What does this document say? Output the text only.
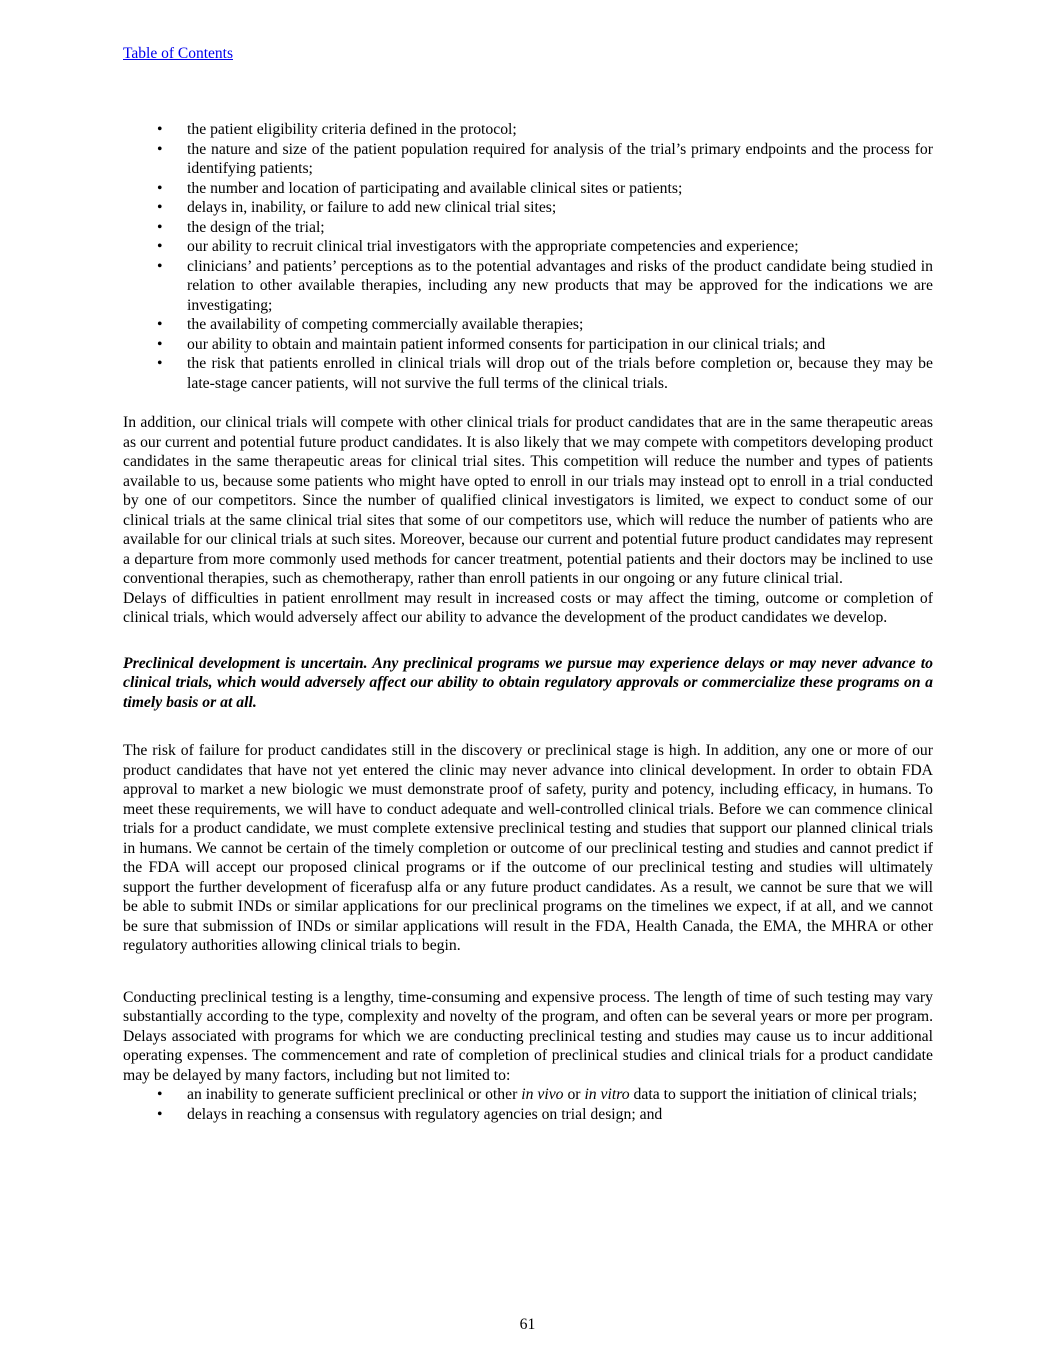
Table of Contents
• the patient eligibility criteria defined in the protocol;
• the nature and size of the patient population required for analysis of the trial’s primary endpoints and the process for identifying patients;
• the number and location of participating and available clinical sites or patients;
• delays in, inability, or failure to add new clinical trial sites;
• the design of the trial;
• our ability to recruit clinical trial investigators with the appropriate competencies and experience;
• clinicians’ and patients’ perceptions as to the potential advantages and risks of the product candidate being studied in relation to other available therapies, including any new products that may be approved for the indications we are investigating;
• the availability of competing commercially available therapies;
• our ability to obtain and maintain patient informed consents for participation in our clinical trials; and
• the risk that patients enrolled in clinical trials will drop out of the trials before completion or, because they may be late-stage cancer patients, will not survive the full terms of the clinical trials.

In addition, our clinical trials will compete with other clinical trials for product candidates that are in the same therapeutic areas as our current and potential future product candidates. It is also likely that we may compete with competitors developing product candidates in the same therapeutic areas for clinical trial sites. This competition will reduce the number and types of patients available to us, because some patients who might have opted to enroll in our trials may instead opt to enroll in a trial conducted by one of our competitors. Since the number of qualified clinical investigators is limited, we expect to conduct some of our clinical trials at the same clinical trial sites that some of our competitors use, which will reduce the number of patients who are available for our clinical trials at such sites. Moreover, because our current and potential future product candidates may represent a departure from more commonly used methods for cancer treatment, potential patients and their doctors may be inclined to use conventional therapies, such as chemotherapy, rather than enroll patients in our ongoing or any future clinical trial.

Delays of difficulties in patient enrollment may result in increased costs or may affect the timing, outcome or completion of clinical trials, which would adversely affect our ability to advance the development of the product candidates we develop.

Preclinical development is uncertain. Any preclinical programs we pursue may experience delays or may never advance to clinical trials, which would adversely affect our ability to obtain regulatory approvals or commercialize these programs on a timely basis or at all.

The risk of failure for product candidates still in the discovery or preclinical stage is high. In addition, any one or more of our product candidates that have not yet entered the clinic may never advance into clinical development. In order to obtain FDA approval to market a new biologic we must demonstrate proof of safety, purity and potency, including efficacy, in humans. To meet these requirements, we will have to conduct adequate and well-controlled clinical trials. Before we can commence clinical trials for a product candidate, we must complete extensive preclinical testing and studies that support our planned clinical trials in humans. We cannot be certain of the timely completion or outcome of our preclinical testing and studies and cannot predict if the FDA will accept our proposed clinical programs or if the outcome of our preclinical testing and studies will ultimately support the further development of ficerafusp alfa or any future product candidates. As a result, we cannot be sure that we will be able to submit INDs or similar applications for our preclinical programs on the timelines we expect, if at all, and we cannot be sure that submission of INDs or similar applications will result in the FDA, Health Canada, the EMA, the MHRA or other regulatory authorities allowing clinical trials to begin.

Conducting preclinical testing is a lengthy, time-consuming and expensive process. The length of time of such testing may vary substantially according to the type, complexity and novelty of the program, and often can be several years or more per program. Delays associated with programs for which we are conducting preclinical testing and studies may cause us to incur additional operating expenses. The commencement and rate of completion of preclinical studies and clinical trials for a product candidate may be delayed by many factors, including but not limited to:

• an inability to generate sufficient preclinical or other in vivo or in vitro data to support the initiation of clinical trials;
• delays in reaching a consensus with regulatory agencies on trial design; and
61
